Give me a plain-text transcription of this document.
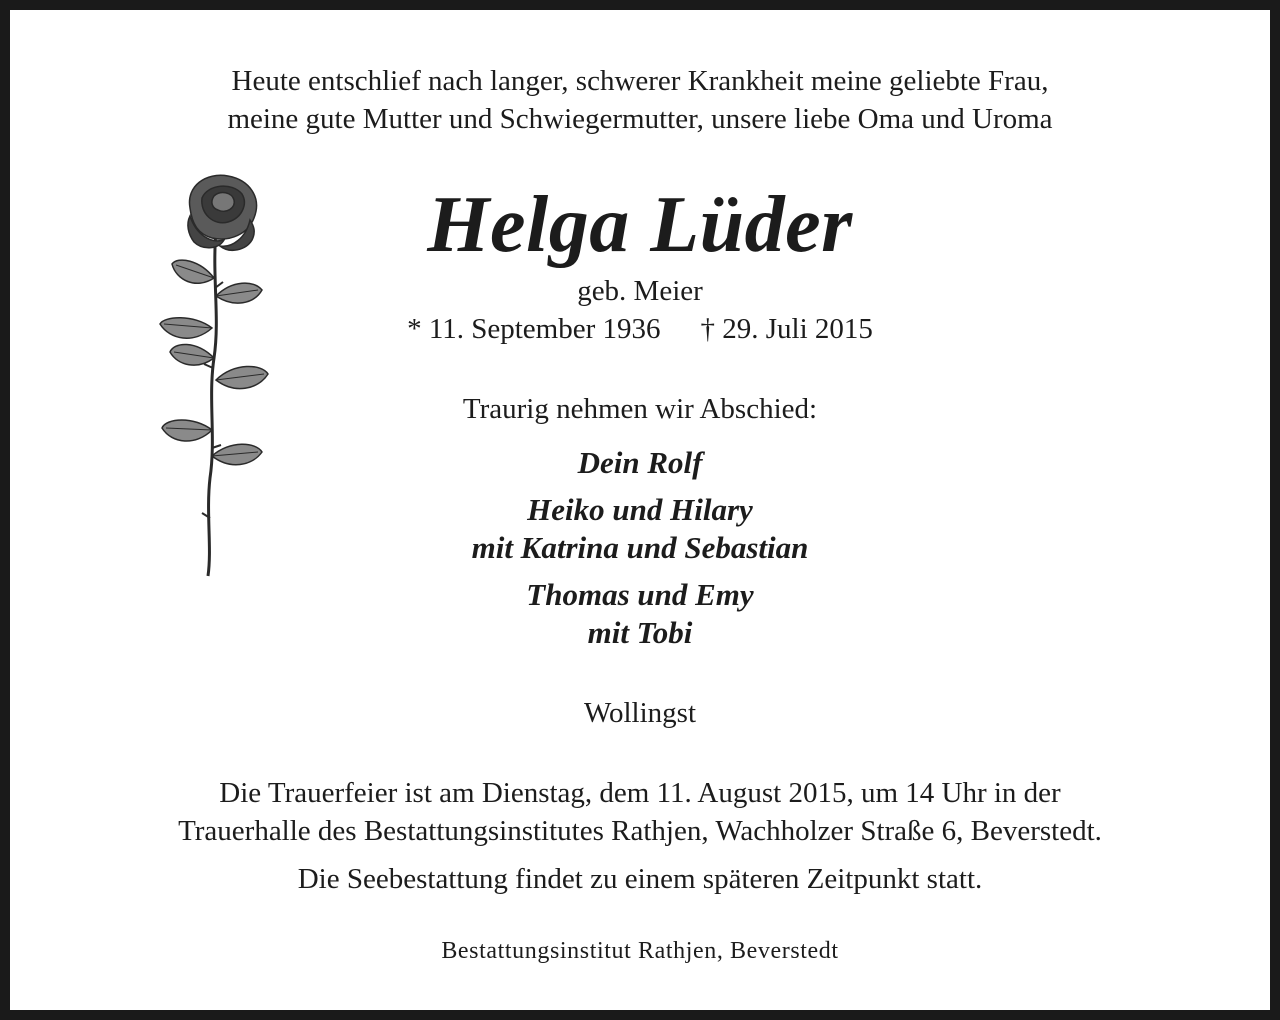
Heute entschlief nach langer, schwerer Krankheit meine geliebte Frau,
meine gute Mutter und Schwiegermutter, unsere liebe Oma und Uroma
Helga Lüder
geb. Meier
* 11. September 1936 † 29. Juli 2015
Traurig nehmen wir Abschied:
Dein Rolf
Heiko und Hilary
mit Katrina und Sebastian
Thomas und Emy
mit Tobi
Wollingst
Die Trauerfeier ist am Dienstag, dem 11. August 2015, um 14 Uhr in der
Trauerhalle des Bestattungsinstitutes Rathjen, Wachholzer Straße 6, Beverstedt.
Die Seebestattung findet zu einem späteren Zeitpunkt statt.
Bestattungsinstitut Rathjen, Beverstedt
